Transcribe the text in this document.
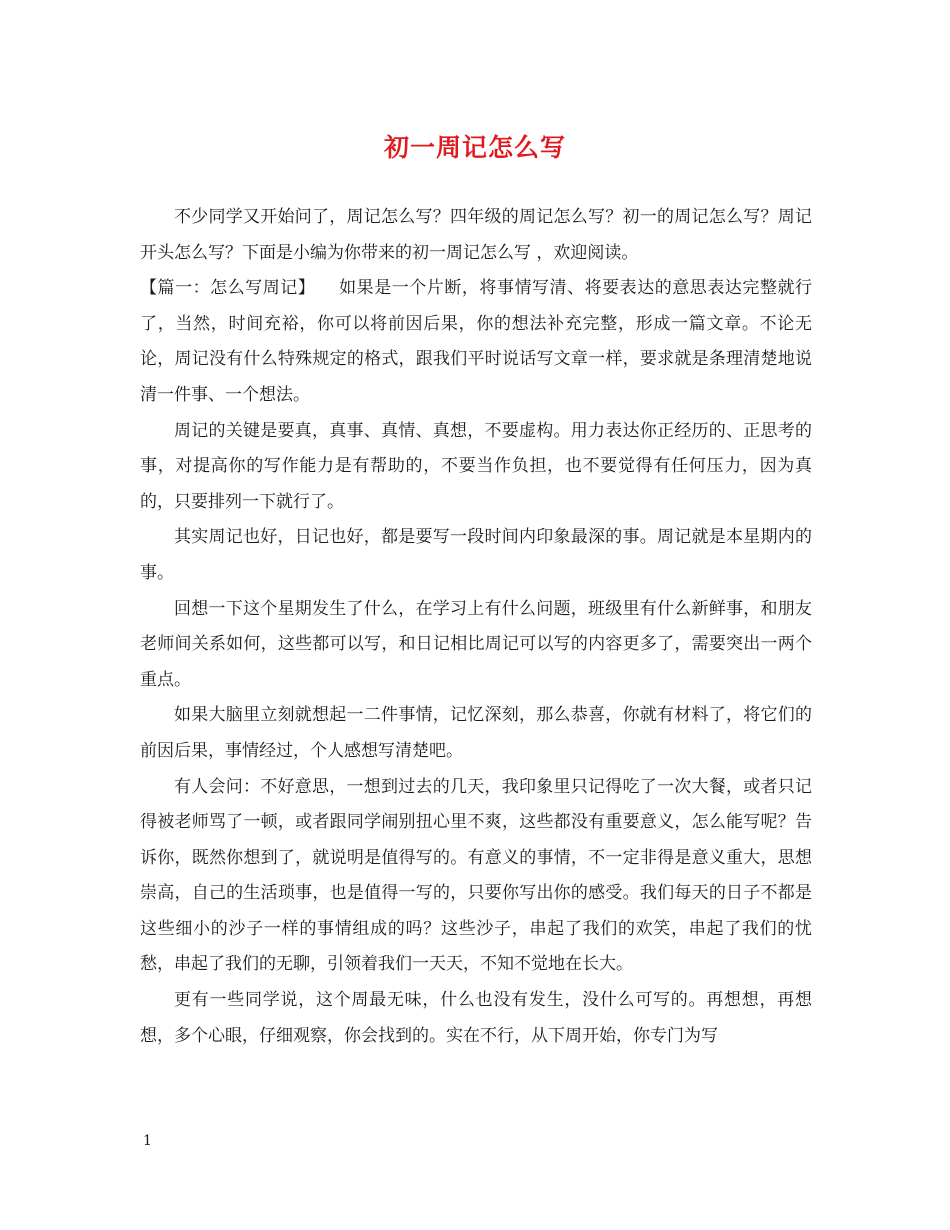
初一周记怎么写

不少同学又开始问了，周记怎么写？四年级的周记怎么写？初一的周记怎么写？周记开头怎么写？下面是小编为你带来的初一周记怎么写 ，欢迎阅读。

【篇一：怎么写周记】 如果是一个片断，将事情写清、将要表达的意思表达完整就行了，当然，时间充裕，你可以将前因后果，你的想法补充完整，形成一篇文章。不论无论，周记没有什么特殊规定的格式，跟我们平时说话写文章一样，要求就是条理清楚地说清一件事、一个想法。

周记的关键是要真，真事、真情、真想，不要虚构。用力表达你正经历的、正思考的事，对提高你的写作能力是有帮助的，不要当作负担，也不要觉得有任何压力，因为真的，只要排列一下就行了。

其实周记也好，日记也好，都是要写一段时间内印象最深的事。周记就是本星期内的事。

回想一下这个星期发生了什么，在学习上有什么问题，班级里有什么新鲜事，和朋友老师间关系如何，这些都可以写，和日记相比周记可以写的内容更多了，需要突出一两个重点。

如果大脑里立刻就想起一二件事情，记忆深刻，那么恭喜，你就有材料了，将它们的前因后果，事情经过，个人感想写清楚吧。

有人会问：不好意思，一想到过去的几天，我印象里只记得吃了一次大餐，或者只记得被老师骂了一顿，或者跟同学闹别扭心里不爽，这些都没有重要意义，怎么能写呢？告诉你，既然你想到了，就说明是值得写的。有意义的事情，不一定非得是意义重大，思想崇高，自己的生活琐事，也是值得一写的，只要你写出你的感受。我们每天的日子不都是这些细小的沙子一样的事情组成的吗？这些沙子，串起了我们的欢笑，串起了我们的忧愁，串起了我们的无聊，引领着我们一天天，不知不觉地在长大。

更有一些同学说，这个周最无味，什么也没有发生，没什么可写的。再想想，再想想，多个心眼，仔细观察，你会找到的。实在不行，从下周开始，你专门为写

1
